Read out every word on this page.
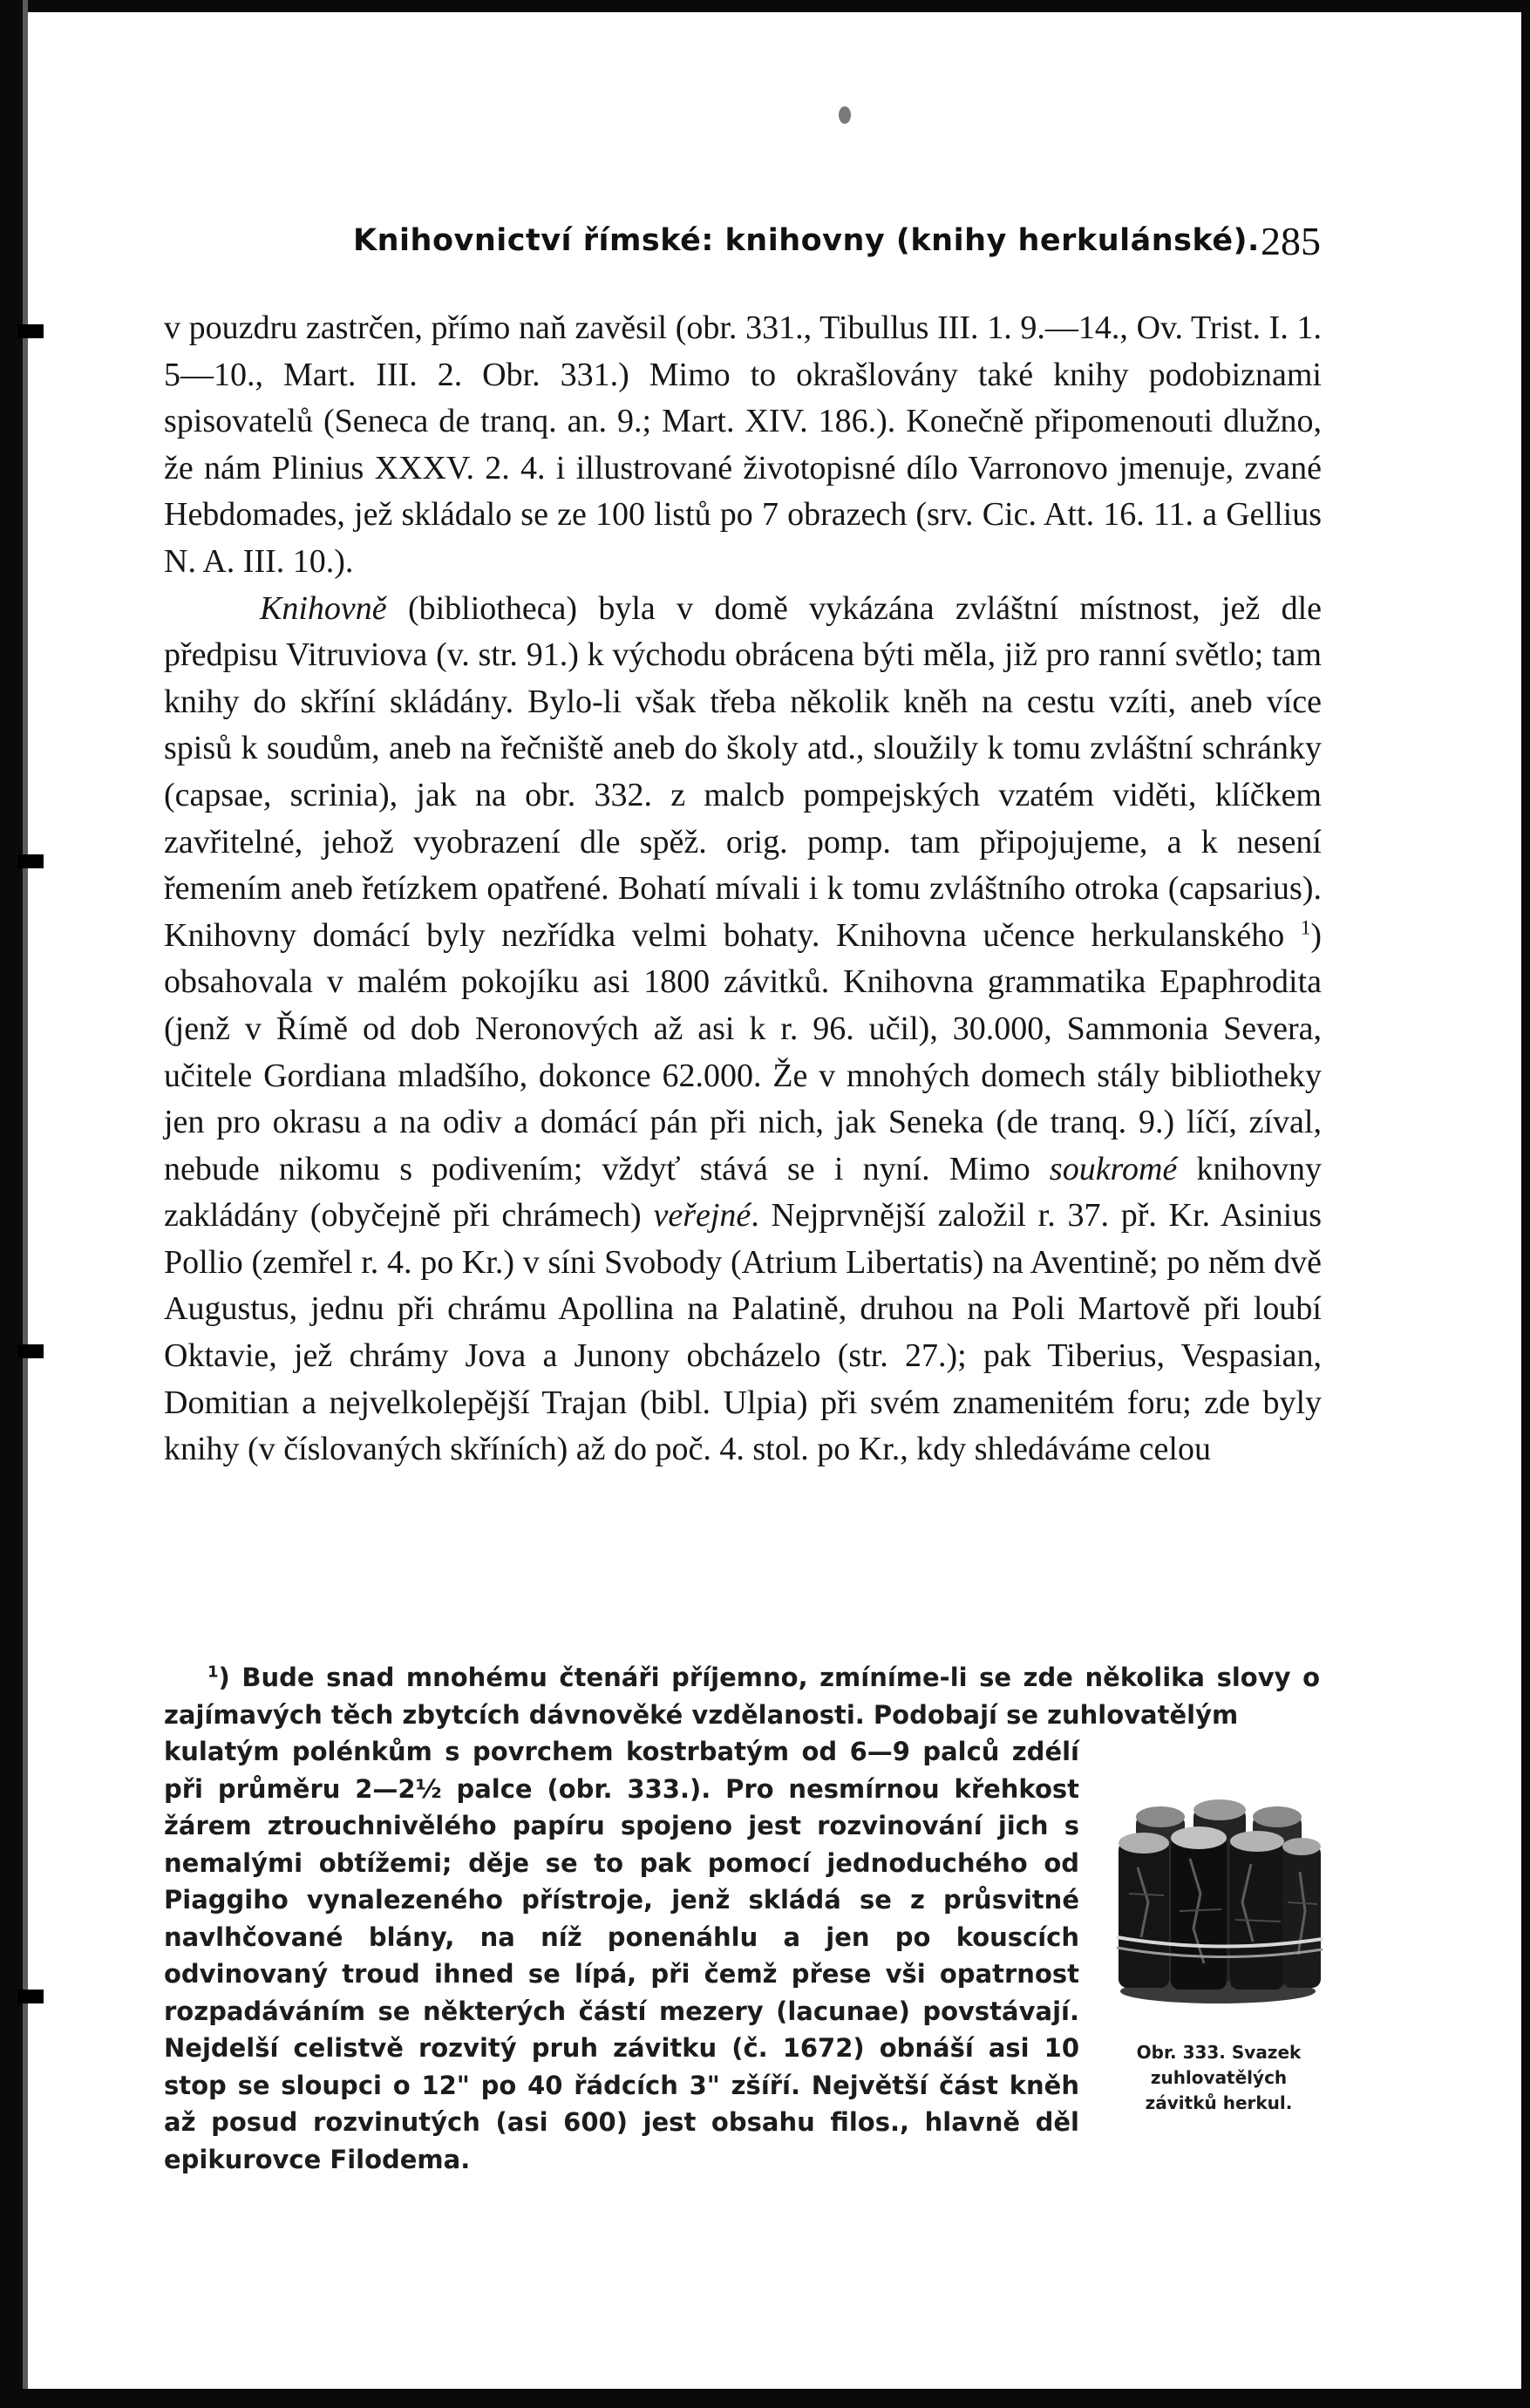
Knihovnictví římské: knihovny (knihy herkulánské). 285

v pouzdru zastrčen, přímo naň zavěsil (obr. 331., Tibullus III. 1. 9.—14., Ov. Trist. I. 1. 5—10., Mart. III. 2. Obr. 331.) Mimo to okrašlovány také knihy podobiznami spisovatelů (Seneca de tranq. an. 9.; Mart. XIV. 186.). Konečně připomenouti dlužno, že nám Plinius XXXV. 2. 4. i illustrované životopisné dílo Varronovo jmenuje, zvané Hebdomades, jež skládalo se ze 100 listů po 7 obrazech (srv. Cic. Att. 16. 11. a Gellius N. A. III. 10.).

Knihovně (bibliotheca) byla v domě vykázána zvláštní místnost, jež dle předpisu Vitruviova (v. str. 91.) k východu obrácena býti měla, již pro ranní světlo; tam knihy do skříní skládány. Bylo-li však třeba několik kněh na cestu vzíti, aneb více spisů k soudům, aneb na řečniště aneb do školy atd., sloužily k tomu zvláštní schránky (capsae, scrinia), jak na obr. 332. z malcb pompejských vzatém viděti, klíčkem zavřitelné, jehož vyobrazení dle spěž. orig. pomp. tam připojujeme, a k nesení řemením aneb řetízkem opatřené. Bohatí mívali i k tomu zvláštního otroka (capsarius). Knihovny domácí byly nezřídka velmi bohaty. Knihovna učence herkulanského $^1$) obsahovala v malém pokojíku asi 1800 závitků. Knihovna grammatika Epaphrodita (jenž v Římě od dob Neronových až asi k r. 96. učil), 30.000, Sammonia Severa, učitele Gordiana mladšího, dokonce 62.000. Že v mnohých domech stály bibliotheky jen pro okrasu a na odiv a domácí pán při nich, jak Seneka (de tranq. 9.) líčí, zíval, nebude nikomu s podivením; vždyť stává se i nyní. Mimo soukromé knihovny zakládány (obyčejně při chrámech) veřejné. Nejprvnější založil r. 37. př. Kr. Asinius Pollio (zemřel r. 4. po Kr.) v síni Svobody (Atrium Libertatis) na Aventině; po něm dvě Augustus, jednu při chrámu Apollina na Palatině, druhou na Poli Martově při loubí Oktavie, jež chrámy Jova a Junony obcházelo (str. 27.); pak Tiberius, Vespasian, Domitian a nejvelkolepější Trajan (bibl. Ulpia) při svém znamenitém foru; zde byly knihy (v číslovaných skříních) až do poč. 4. stol. po Kr., kdy shledáváme celou

$^1$) Bude snad mnohému čtenáři příjemno, zmíníme-li se zde několika slovy o zajímavých těch zbytcích dávnověké vzdělanosti. Podobají se zuhlovatělým

kulatým polénkům s povrchem kostrbatým od 6—9 palců zdélí při průměru 2—2½ palce (obr. 333.). Pro nesmírnou křehkost žárem ztrouchnivělého papíru spojeno jest rozvinování jich s nemalými obtížemi; děje se to pak pomocí jednoduchého od Piaggiho vynalezeného přístroje, jenž skládá se z průsvitné navlhčované blány, na níž ponenáhlu a jen po kouscích odvinovaný troud ihned se lípá, při čemž přese vši opatrnost rozpadáváním se některých částí mezery (lacunae) povstávají. Nejdelší celistvě rozvitý pruh závitku (č. 1672) obnáší asi 10 stop se sloupci o 12" po 40 řádcích 3" zšíří. Největší část kněh až posud rozvinutých (asi 600) jest obsahu filos., hlavně děl epikurovce Filodema.

Obr. 333. Svazek zuhlovatělých závitků herkul.
